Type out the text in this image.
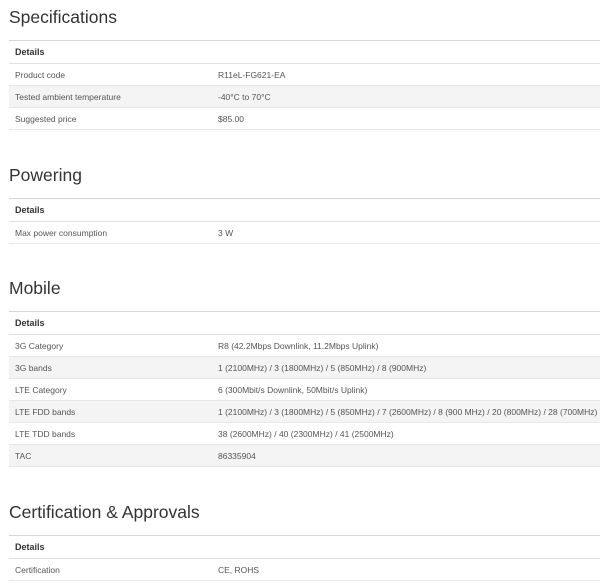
Specifications
Details	
Product code	R11eL-FG621-EA
Tested ambient temperature	-40°C to 70°C
Suggested price	$85.00
Powering
Details
Max power consumption	3 W
Mobile
Details	
3G Category	R8 (42.2Mbps Downlink, 11.2Mbps Uplink)
3G bands	1 (2100MHz) / 3 (1800MHz) / 5 (850MHz) / 8 (900MHz)
LTE Category	6 (300Mbit/s Downlink, 50Mbit/s Uplink)
LTE FDD bands	1 (2100MHz) / 3 (1800MHz) / 5 (850MHz) / 7 (2600MHz) / 8 (900 MHz) / 20 (800MHz) / 28 (700MHz)
LTE TDD bands	38 (2600MHz) / 40 (2300MHz) / 41 (2500MHz)
TAC	86335904
Certification & Approvals
Details
Certification	CE, ROHS
